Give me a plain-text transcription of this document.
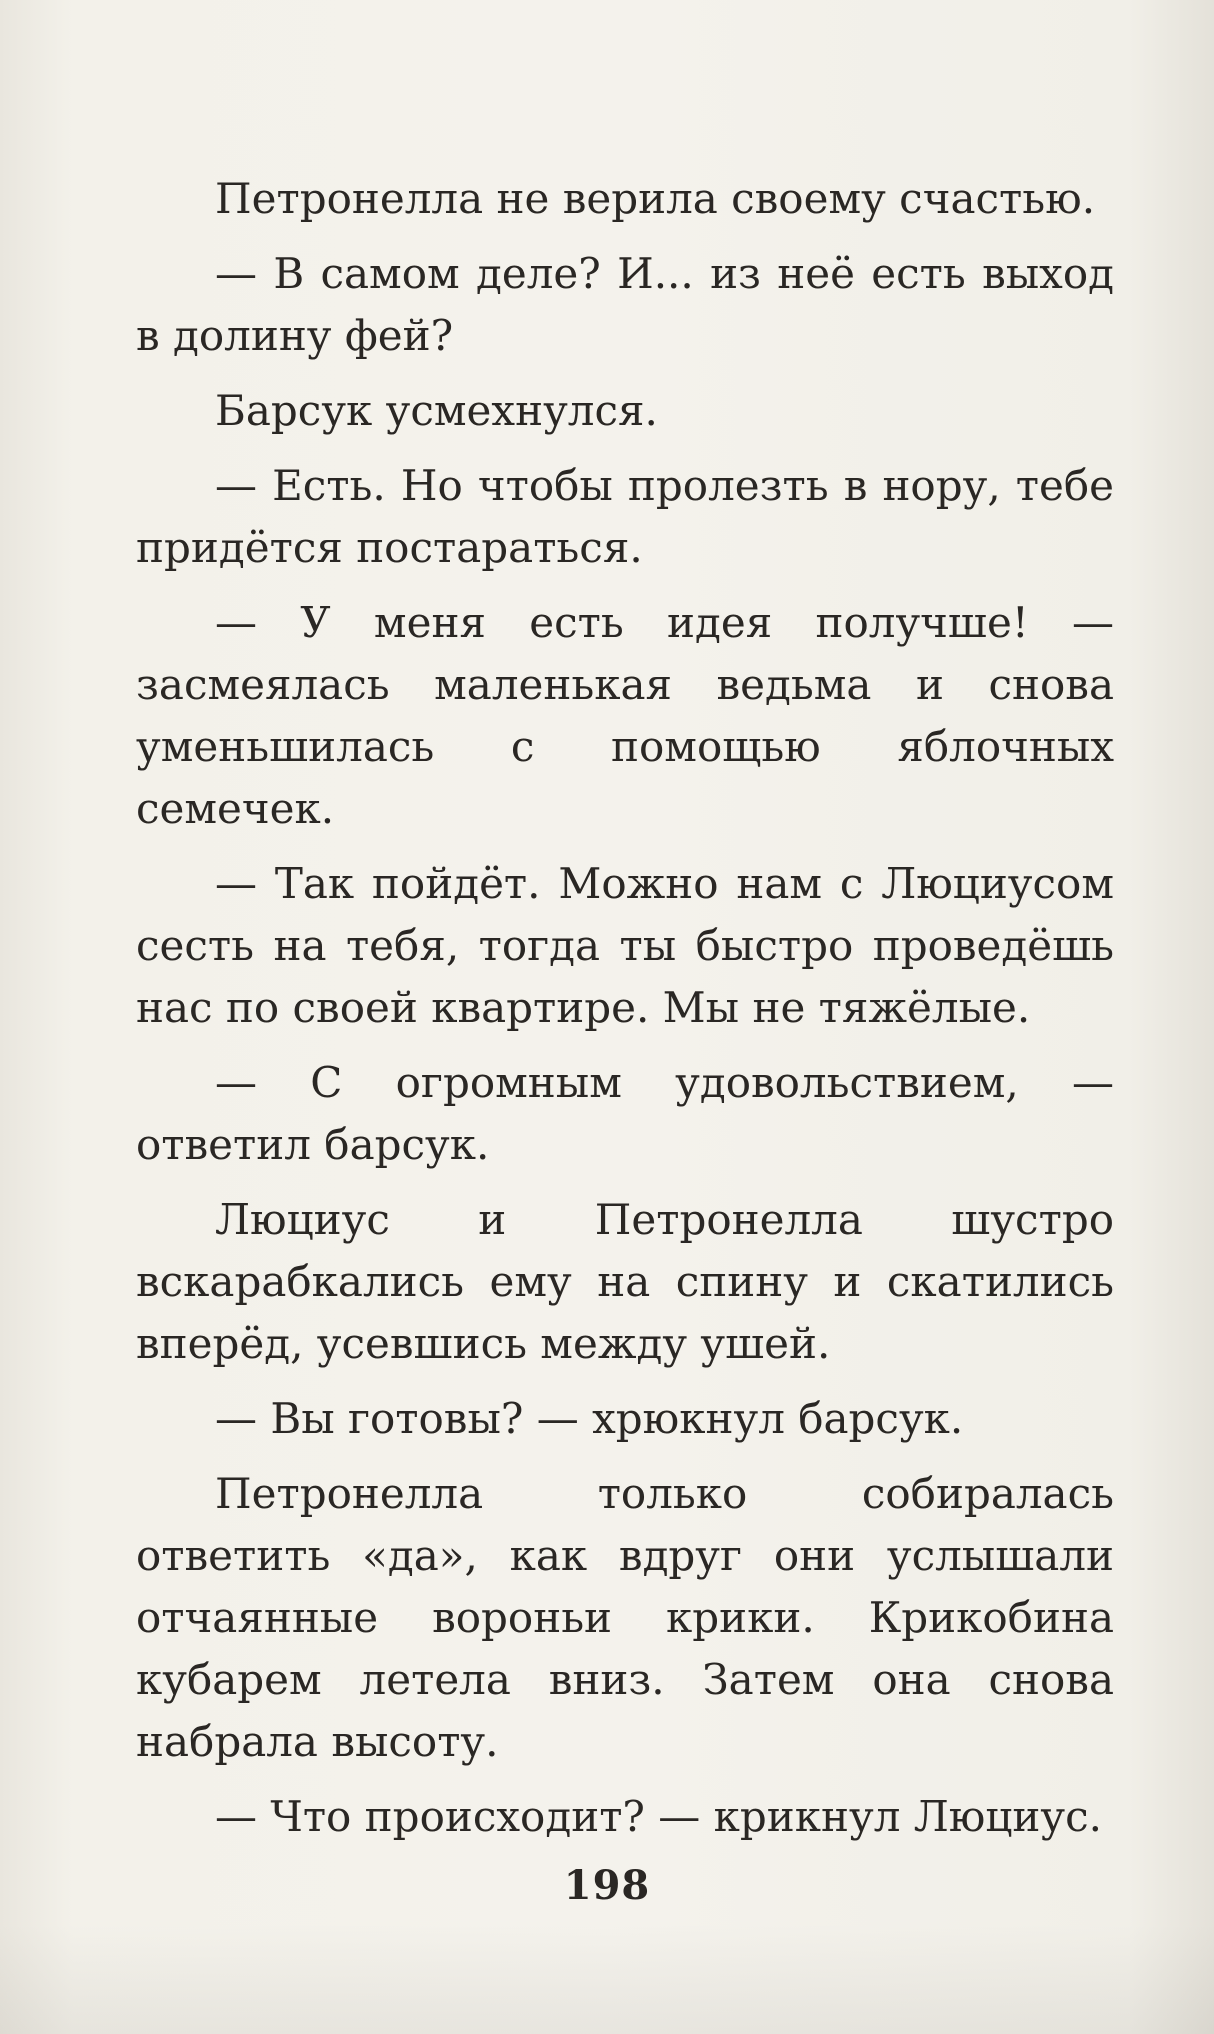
Петронелла не верила своему счастью.

— В самом деле? И... из неё есть выход в долину фей?

Барсук усмехнулся.

— Есть. Но чтобы пролезть в нору, тебе придётся постараться.

— У меня есть идея получше! — засмеялась маленькая ведьма и снова уменьшилась с помощью яблочных семечек.

— Так пойдёт. Можно нам с Люциусом сесть на тебя, тогда ты быстро проведёшь нас по своей квартире. Мы не тяжёлые.

— С огромным удовольствием, — ответил барсук.

Люциус и Петронелла шустро вскарабкались ему на спину и скатились вперёд, усевшись между ушей.

— Вы готовы? — хрюкнул барсук.

Петронелла только собиралась ответить «да», как вдруг они услышали отчаянные вороньи крики. Крикобина кубарем летела вниз. Затем она снова набрала высоту.

— Что происходит? — крикнул Люциус.

198
